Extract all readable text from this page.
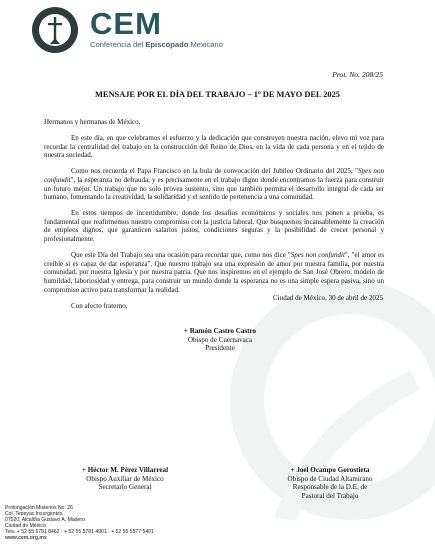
CEM
Conferencia del Episcopado Mexicano
Prot. No. 208/25
MENSAJE POR EL DÍA DEL TRABAJO – 1º DE MAYO DEL 2025

Hermanos y hermanas de México,

En este día, en que celebramos el esfuerzo y la dedicación que construyen nuestra nación, elevo mi voz para recordar la centralidad del trabajo en la construcción del Reino de Dios, en la vida de cada persona y en el tejido de nuestra sociedad.

Como nos recuerda el Papa Francisco en la bula de convocación del Jubileo Ordinario del 2025, "Spes non confundit", la esperanza no defrauda, y es precisamente en el trabajo digno donde encontramos la fuerza para construir un futuro mejor. Un trabajo que no solo provea sustento, sino que también permita el desarrollo integral de cada ser humano, fomentando la creatividad, la solidaridad y el sentido de pertenencia a una comunidad.

En estos tiempos de incertidumbre, donde los desafíos económicos y sociales nos ponen a prueba, es fundamental que reafirmemos nuestro compromiso con la justicia laboral. Que busquemos incansablemente la creación de empleos dignos, que garanticen salarios justos, condiciones seguras y la posibilidad de crecer personal y profesionalmente.

Que este Día del Trabajo sea una ocasión para recordar que, como nos dice "Spes non confundit", "el amor es creíble si es capaz de dar esperanza". Que nuestro trabajo sea una expresión de amor por nuestra familia, por nuestra comunidad, por nuestra Iglesia y por nuestra patria. Que nos inspiremos en el ejemplo de San José Obrero, modelo de humildad, laboriosidad y entrega, para construir un mundo donde la esperanza no es una simple espera pasiva, sino un compromiso activo para transformar la realidad.

Con afecto fraterno,

Ciudad de México, 30 de abril de 2025
+ Ramón Castro Castro
Obispo de Cuernavaca
Presidente
+ Héctor M. Pérez Villarreal
Obispo Auxiliar de México
Secretario General
+ Joel Ocampo Gorostieta
Obispo de Ciudad Altamirano
Responsable de la D.E. de
Pastoral del Trabajo
Prolongación Misterios No. 26
Col. Tepeyac Insurgentes
07020, Alcaldía Gustavo A. Madero
Ciudad de México
Tels. + 52 55 5781 8462 · + 52 55 5781 4901 · + 52 55 5577 5401
www.cem.org.mx
